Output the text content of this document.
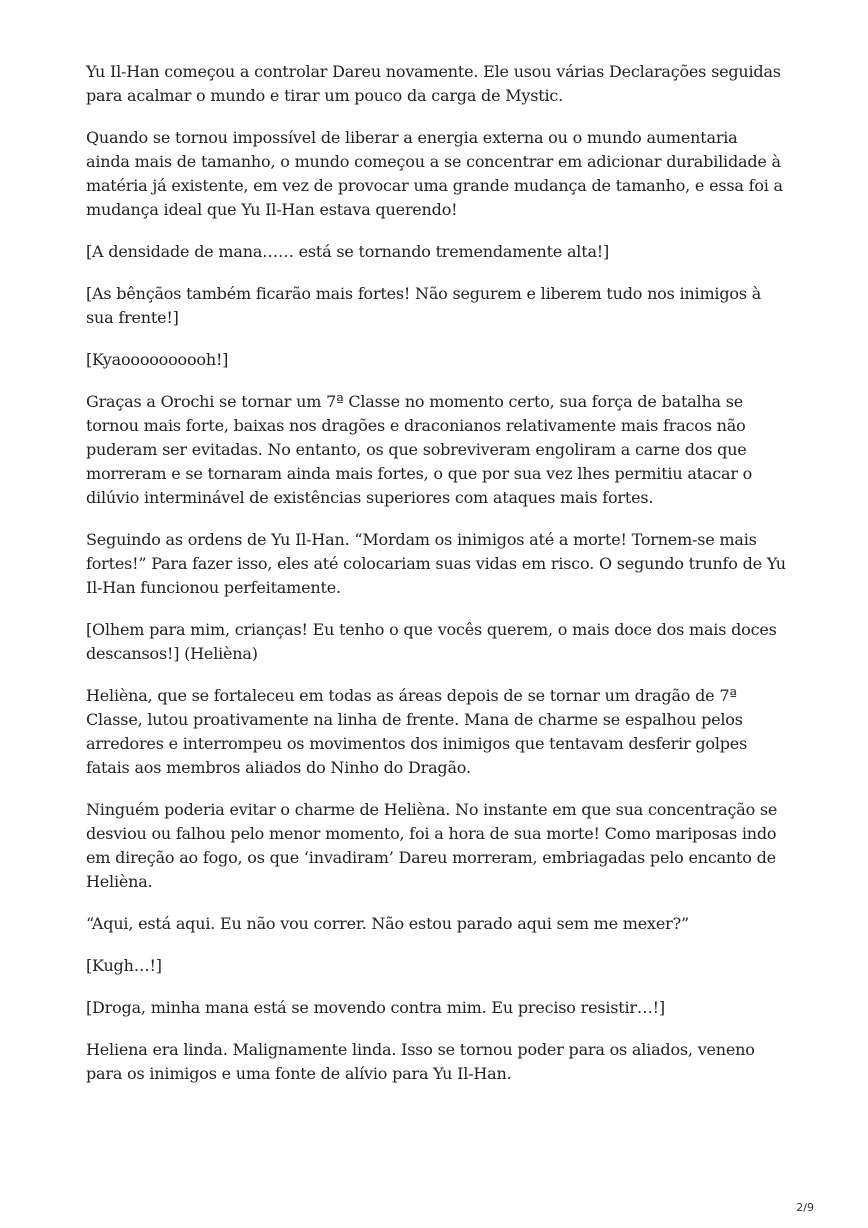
Yu Il-Han começou a controlar Dareu novamente. Ele usou várias Declarações seguidas para acalmar o mundo e tirar um pouco da carga de Mystic.

Quando se tornou impossível de liberar a energia externa ou o mundo aumentaria ainda mais de tamanho, o mundo começou a se concentrar em adicionar durabilidade à matéria já existente, em vez de provocar uma grande mudança de tamanho, e essa foi a mudança ideal que Yu Il-Han estava querendo!

[A densidade de mana…… está se tornando tremendamente alta!]

[As bênçãos também ficarão mais fortes! Não segurem e liberem tudo nos inimigos à sua frente!]

[Kyaoooooooooh!]

Graças a Orochi se tornar um 7ª Classe no momento certo, sua força de batalha se tornou mais forte, baixas nos dragões e draconianos relativamente mais fracos não puderam ser evitadas. No entanto, os que sobreviveram engoliram a carne dos que morreram e se tornaram ainda mais fortes, o que por sua vez lhes permitiu atacar o dilúvio interminável de existências superiores com ataques mais fortes.

Seguindo as ordens de Yu Il-Han. “Mordam os inimigos até a morte! Tornem-se mais fortes!” Para fazer isso, eles até colocariam suas vidas em risco. O segundo trunfo de Yu Il-Han funcionou perfeitamente.

[Olhem para mim, crianças! Eu tenho o que vocês querem, o mais doce dos mais doces descansos!] (Helièna)

Helièna, que se fortaleceu em todas as áreas depois de se tornar um dragão de 7ª Classe, lutou proativamente na linha de frente. Mana de charme se espalhou pelos arredores e interrompeu os movimentos dos inimigos que tentavam desferir golpes fatais aos membros aliados do Ninho do Dragão.

Ninguém poderia evitar o charme de Helièna. No instante em que sua concentração se desviou ou falhou pelo menor momento, foi a hora de sua morte! Como mariposas indo em direção ao fogo, os que ‘invadiram’ Dareu morreram, embriagadas pelo encanto de Helièna.

“Aqui, está aqui. Eu não vou correr. Não estou parado aqui sem me mexer?”

[Kugh…!]

[Droga, minha mana está se movendo contra mim. Eu preciso resistir…!]

Heliena era linda. Malignamente linda. Isso se tornou poder para os aliados, veneno para os inimigos e uma fonte de alívio para Yu Il-Han.

2/9
